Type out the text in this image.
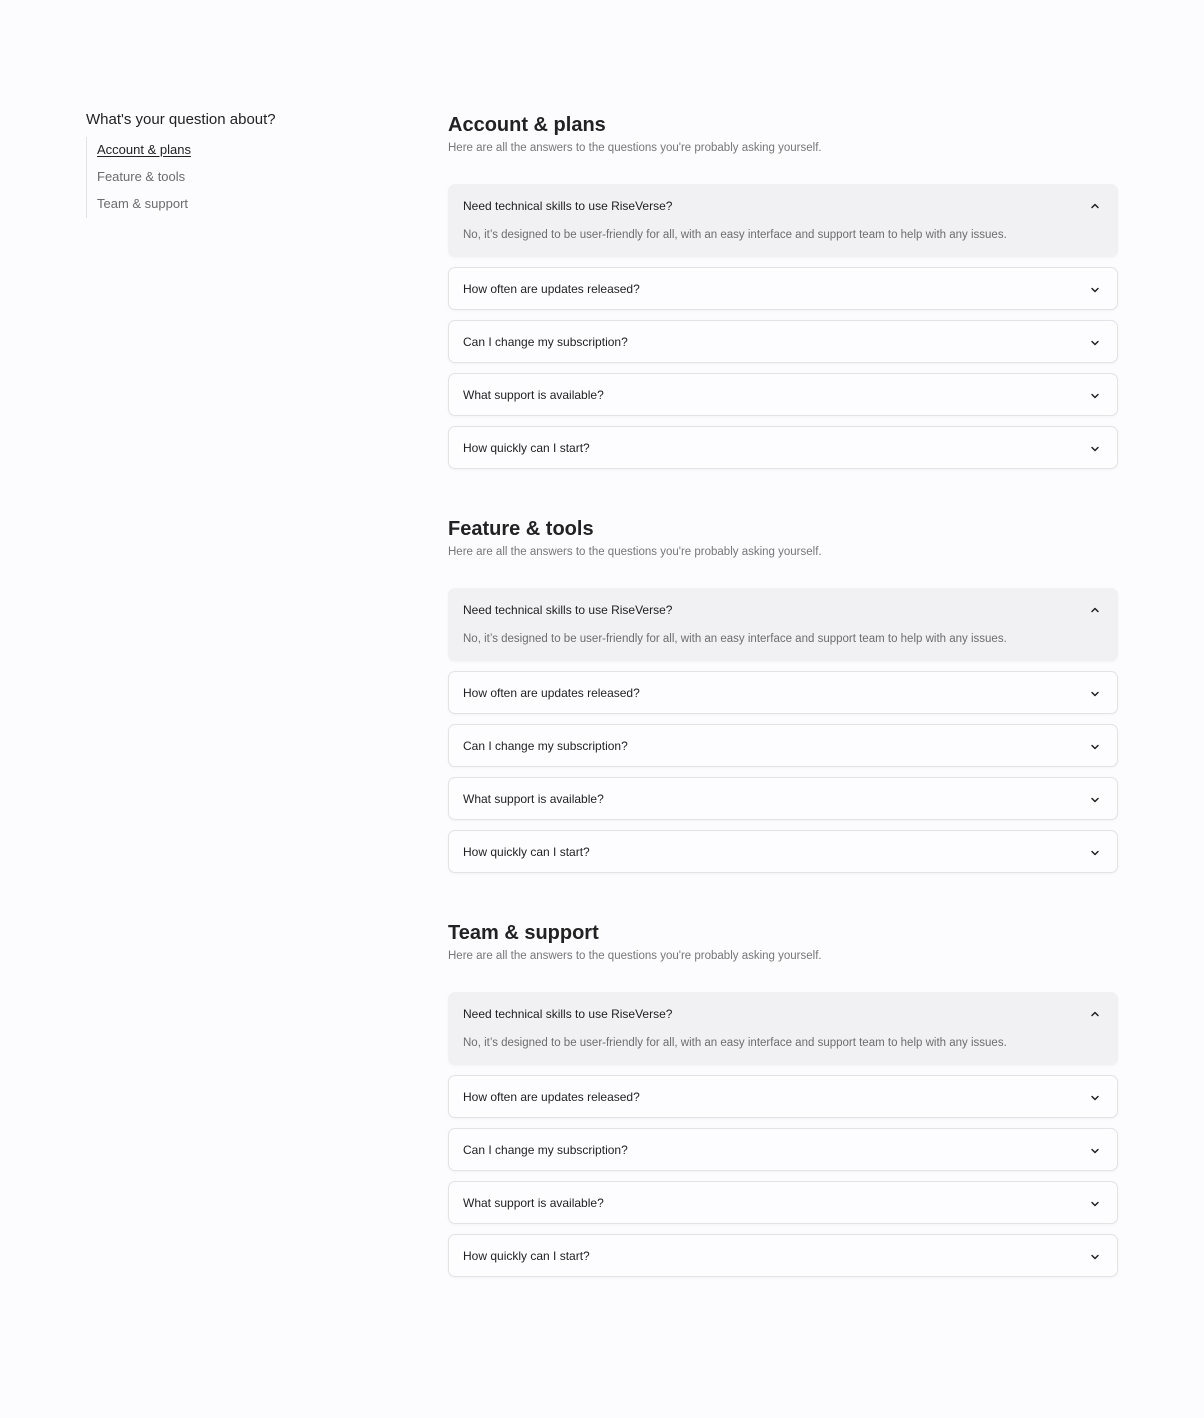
What's your question about?
Account & plans
Feature & tools
Team & support
Account & plans

Here are all the answers to the questions you're probably asking yourself.

Need technical skills to use RiseVerse?
No, it’s designed to be user-friendly for all, with an easy interface and support team to help with any issues.
How often are updates released?
Can I change my subscription?
What support is available?
How quickly can I start?
Feature & tools

Here are all the answers to the questions you're probably asking yourself.

Need technical skills to use RiseVerse?
No, it’s designed to be user-friendly for all, with an easy interface and support team to help with any issues.
How often are updates released?
Can I change my subscription?
What support is available?
How quickly can I start?
Team & support

Here are all the answers to the questions you're probably asking yourself.

Need technical skills to use RiseVerse?
No, it’s designed to be user-friendly for all, with an easy interface and support team to help with any issues.
How often are updates released?
Can I change my subscription?
What support is available?
How quickly can I start?
